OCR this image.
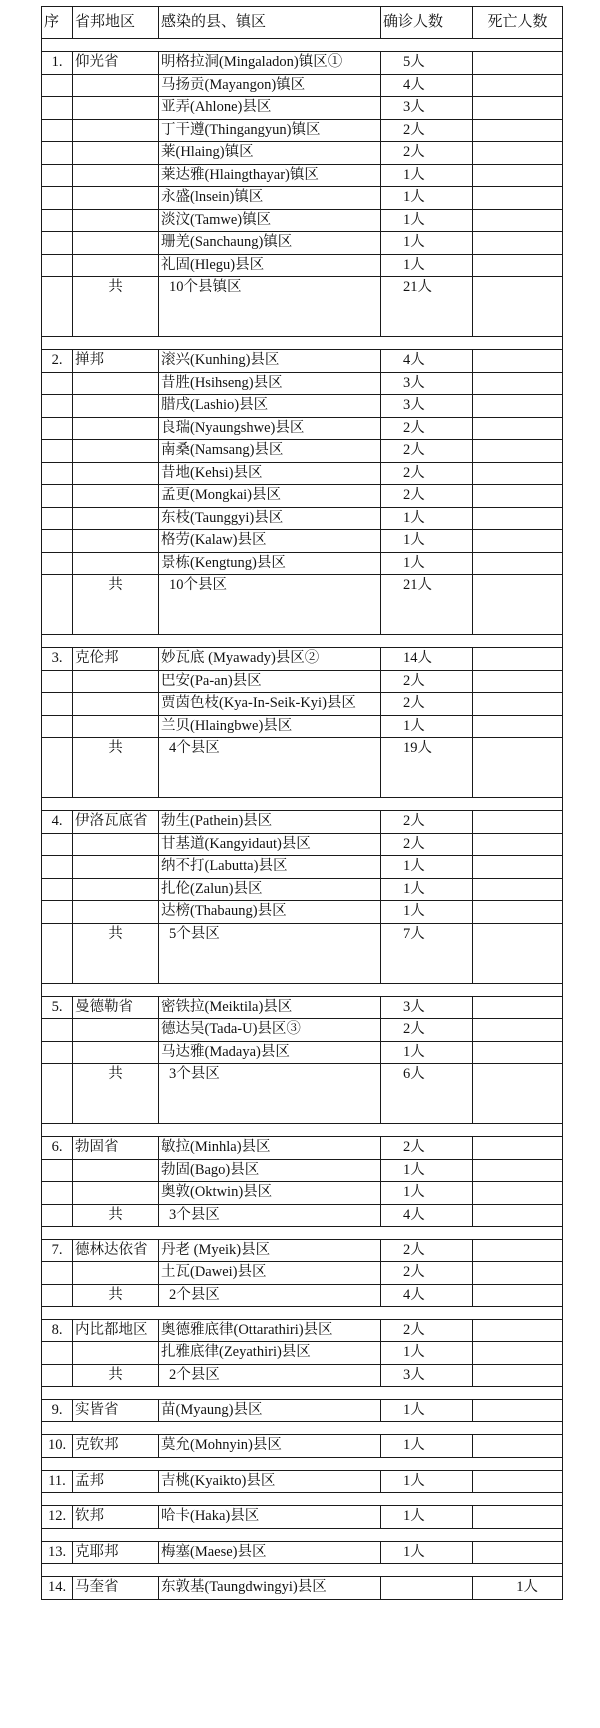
序	省邦地区	感染的县、镇区	确诊人数	死亡人数

1.	仰光省	明格拉洞(Mingaladon)镇区①	5人	
		马扬贡(Mayangon)镇区	4人	
		亚弄(Ahlone)县区	3人	
		丁干遵(Thingangyun)镇区	2人	
		莱(Hlaing)镇区	2人	
		莱达雅(Hlaingthayar)镇区	1人	
		永盛(lnsein)镇区	1人	
		淡汶(Tamwe)镇区	1人	
		珊羌(Sanchaung)镇区	1人	
		礼固(Hlegu)县区	1人	
	共	10个县镇区	21人	

2.	掸邦	滚兴(Kunhing)县区	4人	
		昔胜(Hsihseng)县区	3人	
		腊戌(Lashio)县区	3人	
		良瑞(Nyaungshwe)县区	2人	
		南桑(Namsang)县区	2人	
		昔地(Kehsi)县区	2人	
		孟更(Mongkai)县区	2人	
		东枝(Taunggyi)县区	1人	
		格劳(Kalaw)县区	1人	
		景栋(Kengtung)县区	1人	
	共	10个县区	21人	

3.	克伦邦	妙瓦底 (Myawady)县区②	14人	
		巴安(Pa-an)县区	2人	
		贾茵色枝(Kya-In-Seik-Kyi)县区	2人	
		兰贝(Hlaingbwe)县区	1人	
	共	4个县区	19人	

4.	伊洛瓦底省	勃生(Pathein)县区	2人	
		甘基道(Kangyidaut)县区	2人	
		纳不打(Labutta)县区	1人	
		扎伦(Zalun)县区	1人	
		达榜(Thabaung)县区	1人	
	共	5个县区	7人	

5.	曼德勒省	密铁拉(Meiktila)县区	3人	
		德达吴(Tada-U)县区③	2人	
		马达雅(Madaya)县区	1人	
	共	3个县区	6人	

6.	勃固省	敏拉(Minhla)县区	2人	
		勃固(Bago)县区	1人	
		奥敦(Oktwin)县区	1人	
	共	3个县区	4人	

7.	德林达依省	丹老 (Myeik)县区	2人	
		土瓦(Dawei)县区	2人	
	共	2个县区	4人	

8.	内比都地区	奥德雅底律(Ottarathiri)县区	2人	
		扎雅底律(Zeyathiri)县区	1人	
	共	2个县区	3人	

9.	实皆省	苗(Myaung)县区	1人	

10.	克钦邦	莫允(Mohnyin)县区	1人	

11.	孟邦	吉桃(Kyaikto)县区	1人	

12.	钦邦	哈卡(Haka)县区	1人	

13.	克耶邦	梅塞(Maese)县区	1人	

14.	马奎省	东敦基(Taungdwingyi)县区		1人
